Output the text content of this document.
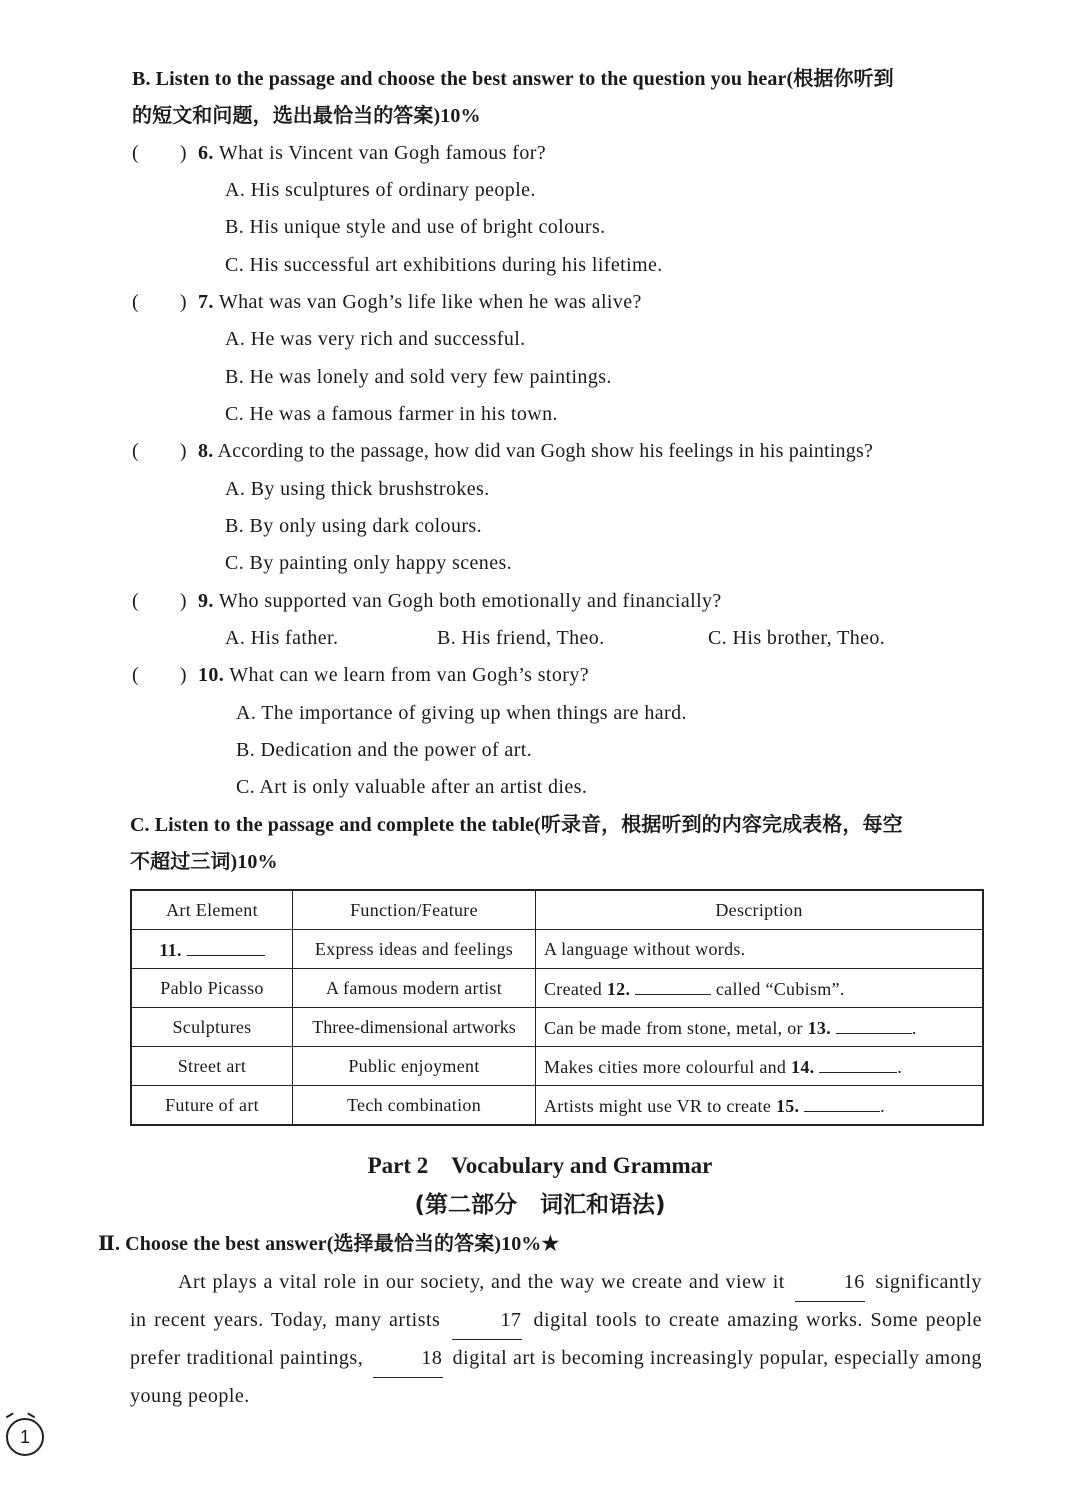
B. Listen to the passage and choose the best answer to the question you hear(根据你听到
的短文和问题，选出最恰当的答案)10%
(　　) 6. What is Vincent van Gogh famous for?
A. His sculptures of ordinary people.
B. His unique style and use of bright colours.
C. His successful art exhibitions during his lifetime.
(　　) 7. What was van Gogh’s life like when he was alive?
A. He was very rich and successful.
B. He was lonely and sold very few paintings.
C. He was a famous farmer in his town.
(　　) 8. According to the passage, how did van Gogh show his feelings in his paintings?
A. By using thick brushstrokes.
B. By only using dark colours.
C. By painting only happy scenes.
(　　) 9. Who supported van Gogh both emotionally and financially?
A. His father.	B. His friend, Theo.	C. His brother, Theo.
(　　) 10. What can we learn from van Gogh’s story?
A. The importance of giving up when things are hard.
B. Dedication and the power of art.
C. Art is only valuable after an artist dies.
C. Listen to the passage and complete the table(听录音，根据听到的内容完成表格，每空
不超过三词)10%
Art Element	Function/Feature	Description
11.	Express ideas and feelings	A language without words.
Pablo Picasso	A famous modern artist	Created 12. called “Cubism”.
Sculptures	Three-dimensional artworks	Can be made from stone, metal, or 13. .
Street art	Public enjoyment	Makes cities more colourful and 14. .
Future of art	Tech combination	Artists might use VR to create 15. .
Part 2　Vocabulary and Grammar
(第二部分　词汇和语法)
Ⅱ. Choose the best answer(选择最恰当的答案)10%★
Art plays a vital role in our society, and the way we create and view it	16 significantly in recent years. Today, many artists	17 digital tools to create amazing works. Some people prefer traditional paintings,	18 digital art is becoming increasingly popular, especially among young people.
1
